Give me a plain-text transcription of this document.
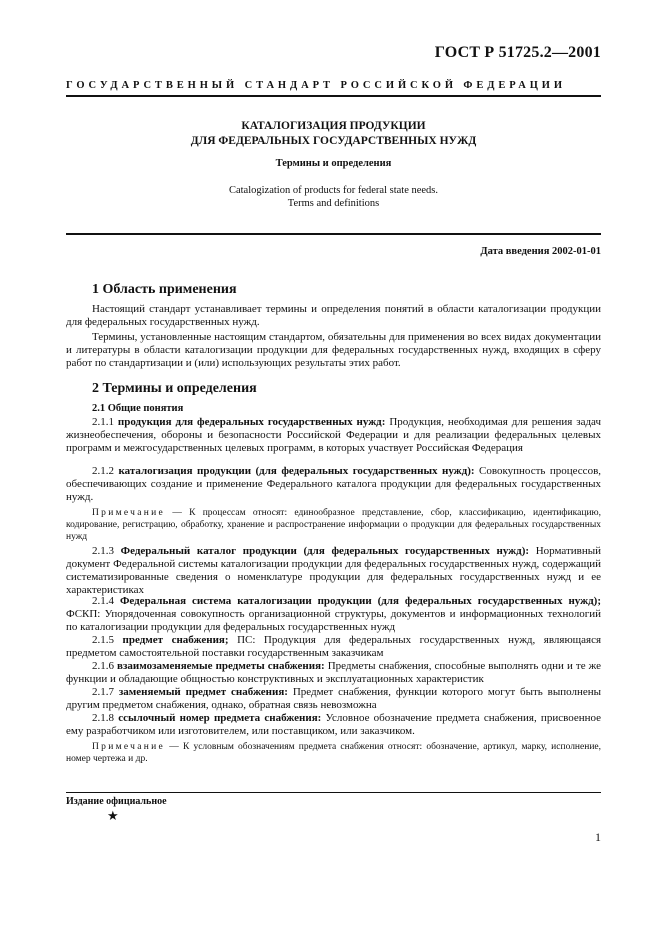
ГОСТ Р 51725.2—2001
ГОСУДАРСТВЕННЫЙ СТАНДАРТ РОССИЙСКОЙ ФЕДЕРАЦИИ
КАТАЛОГИЗАЦИЯ ПРОДУКЦИИ
ДЛЯ ФЕДЕРАЛЬНЫХ ГОСУДАРСТВЕННЫХ НУЖД
Термины и определения
Catalogization of products for federal state needs.
Terms and definitions
Дата введения 2002-01-01
1 Область применения
Настоящий стандарт устанавливает термины и определения понятий в области каталогизации продукции для федеральных государственных нужд.
Термины, установленные настоящим стандартом, обязательны для применения во всех видах документации и литературы в области каталогизации продукции для федеральных государственных нужд, входящих в сферу работ по стандартизации и (или) использующих результаты этих работ.
2 Термины и определения
2.1 Общие понятия
2.1.1 продукция для федеральных государственных нужд: Продукция, необходимая для решения задач жизнеобеспечения, обороны и безопасности Российской Федерации и для реализации федеральных целевых программ и межгосударственных целевых программ, в которых участвует Российская Федерация
2.1.2 каталогизация продукции (для федеральных государственных нужд): Совокупность процессов, обеспечивающих создание и применение Федерального каталога продукции для федеральных государственных нужд.
Примечание — К процессам относят: единообразное представление, сбор, классификацию, идентификацию, кодирование, регистрацию, обработку, хранение и распространение информации о продукции для федеральных государственных нужд
2.1.3 Федеральный каталог продукции (для федеральных государственных нужд): Нормативный документ Федеральной системы каталогизации продукции для федеральных государственных нужд, содержащий систематизированные сведения о номенклатуре продукции для федеральных государственных нужд и ее характеристиках
2.1.4 Федеральная система каталогизации продукции (для федеральных государственных нужд); ФСКП: Упорядоченная совокупность организационной структуры, документов и информационных технологий по каталогизации продукции для федеральных государственных нужд
2.1.5 предмет снабжения; ПС: Продукция для федеральных государственных нужд, являющаяся предметом самостоятельной поставки государственным заказчикам
2.1.6 взаимозаменяемые предметы снабжения: Предметы снабжения, способные выполнять одни и те же функции и обладающие общностью конструктивных и эксплуатационных характеристик
2.1.7 заменяемый предмет снабжения: Предмет снабжения, функции которого могут быть выполнены другим предметом снабжения, однако, обратная связь невозможна
2.1.8 ссылочный номер предмета снабжения: Условное обозначение предмета снабжения, присвоенное ему разработчиком или изготовителем, или поставщиком, или заказчиком.
Примечание — К условным обозначениям предмета снабжения относят: обозначение, артикул, марку, исполнение, номер чертежа и др.
Издание официальное
★
1
